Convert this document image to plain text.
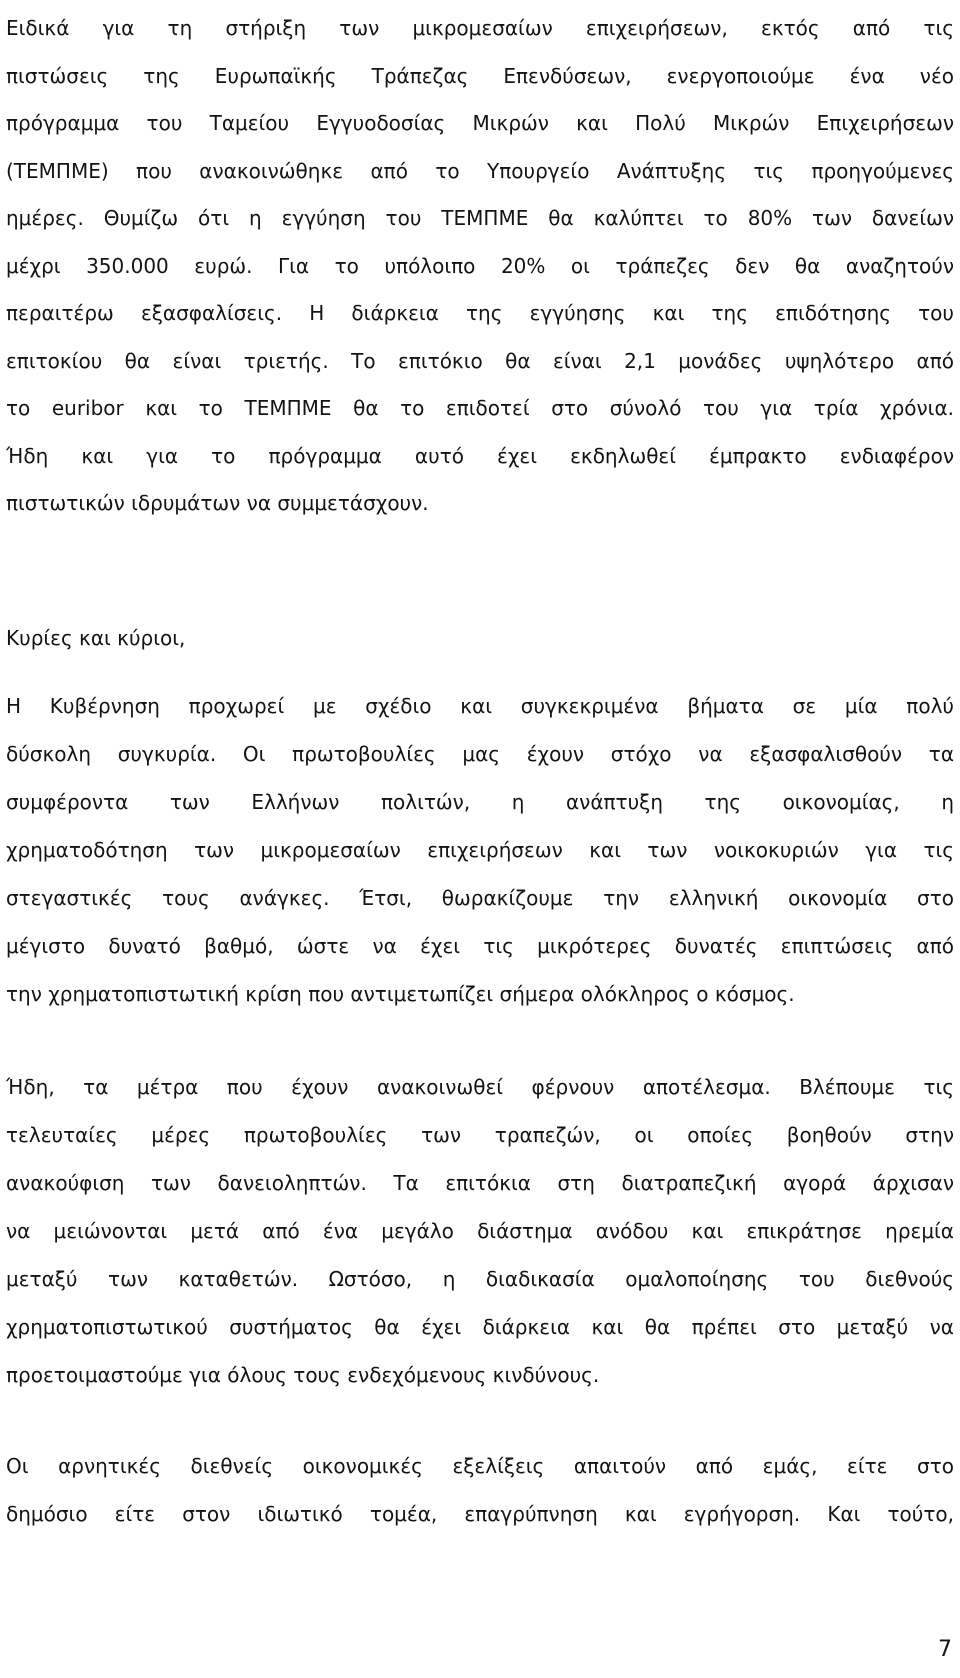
Ειδικά για τη στήριξη των μικρομεσαίων επιχειρήσεων, εκτός από τις
πιστώσεις της Ευρωπαϊκής Τράπεζας Επενδύσεων, ενεργοποιούμε ένα νέο
πρόγραμμα του Ταμείου Εγγυοδοσίας Μικρών και Πολύ Μικρών Επιχειρήσεων
(ΤΕΜΠΜΕ) που ανακοινώθηκε από το Υπουργείο Ανάπτυξης τις προηγούμενες
ημέρες. Θυμίζω ότι η εγγύηση του ΤΕΜΠΜΕ θα καλύπτει το 80% των δανείων
μέχρι 350.000 ευρώ. Για το υπόλοιπο 20% οι τράπεζες δεν θα αναζητούν
περαιτέρω εξασφαλίσεις. Η διάρκεια της εγγύησης και της επιδότησης του
επιτοκίου θα είναι τριετής. Το επιτόκιο θα είναι 2,1 μονάδες υψηλότερο από
το euribor και το ΤΕΜΠΜΕ θα το επιδοτεί στο σύνολό του για τρία χρόνια.
Ήδη και για το πρόγραμμα αυτό έχει εκδηλωθεί έμπρακτο ενδιαφέρον
πιστωτικών ιδρυμάτων να συμμετάσχουν.
Κυρίες και κύριοι,
Η Κυβέρνηση προχωρεί με σχέδιο και συγκεκριμένα βήματα σε μία πολύ
δύσκολη συγκυρία. Οι πρωτοβουλίες μας έχουν στόχο να εξασφαλισθούν τα
συμφέροντα των Ελλήνων πολιτών, η ανάπτυξη της οικονομίας, η
χρηματοδότηση των μικρομεσαίων επιχειρήσεων και των νοικοκυριών για τις
στεγαστικές τους ανάγκες. Έτσι, θωρακίζουμε την ελληνική οικονομία στο
μέγιστο δυνατό βαθμό, ώστε να έχει τις μικρότερες δυνατές επιπτώσεις από
την χρηματοπιστωτική κρίση που αντιμετωπίζει σήμερα ολόκληρος ο κόσμος.
Ήδη, τα μέτρα που έχουν ανακοινωθεί φέρνουν αποτέλεσμα. Βλέπουμε τις
τελευταίες μέρες πρωτοβουλίες των τραπεζών, οι οποίες βοηθούν στην
ανακούφιση των δανειοληπτών. Τα επιτόκια στη διατραπεζική αγορά άρχισαν
να μειώνονται μετά από ένα μεγάλο διάστημα ανόδου και επικράτησε ηρεμία
μεταξύ των καταθετών. Ωστόσο, η διαδικασία ομαλοποίησης του διεθνούς
χρηματοπιστωτικού συστήματος θα έχει διάρκεια και θα πρέπει στο μεταξύ να
προετοιμαστούμε για όλους τους ενδεχόμενους κινδύνους.
Οι αρνητικές διεθνείς οικονομικές εξελίξεις απαιτούν από εμάς, είτε στο
δημόσιο είτε στον ιδιωτικό τομέα, επαγρύπνηση και εγρήγορση. Και τούτο,
7
